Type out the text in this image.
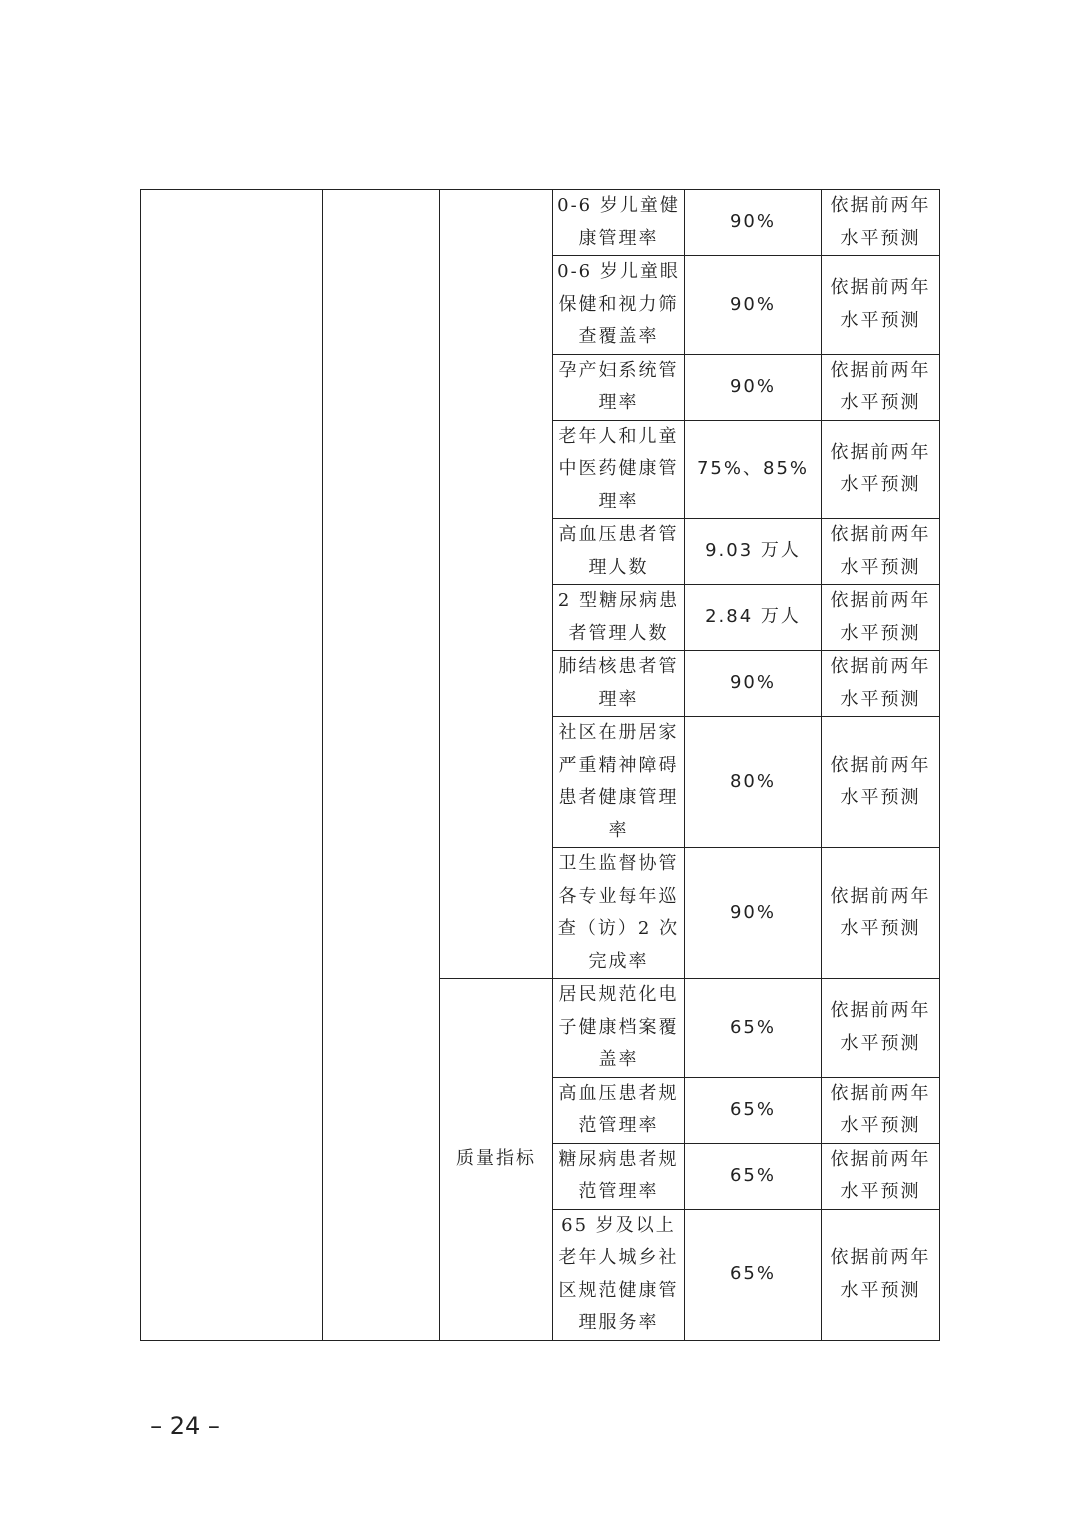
			0-6 岁儿童健康管理率	90%	依据前两年水平预测
			0-6 岁儿童眼保健和视力筛查覆盖率	90%	依据前两年水平预测
			孕产妇系统管理率	90%	依据前两年水平预测
			老年人和儿童中医药健康管理率	75%、85%	依据前两年水平预测
			高血压患者管理人数	9.03 万人	依据前两年水平预测
			2 型糖尿病患者管理人数	2.84 万人	依据前两年水平预测
			肺结核患者管理率	90%	依据前两年水平预测
			社区在册居家严重精神障碍患者健康管理率	80%	依据前两年水平预测
			卫生监督协管各专业每年巡查（访）2 次完成率	90%	依据前两年水平预测
		质量指标	居民规范化电子健康档案覆盖率	65%	依据前两年水平预测
			高血压患者规范管理率	65%	依据前两年水平预测
			糖尿病患者规范管理率	65%	依据前两年水平预测
			65 岁及以上老年人城乡社区规范健康管理服务率	65%	依据前两年水平预测
– 24 –
